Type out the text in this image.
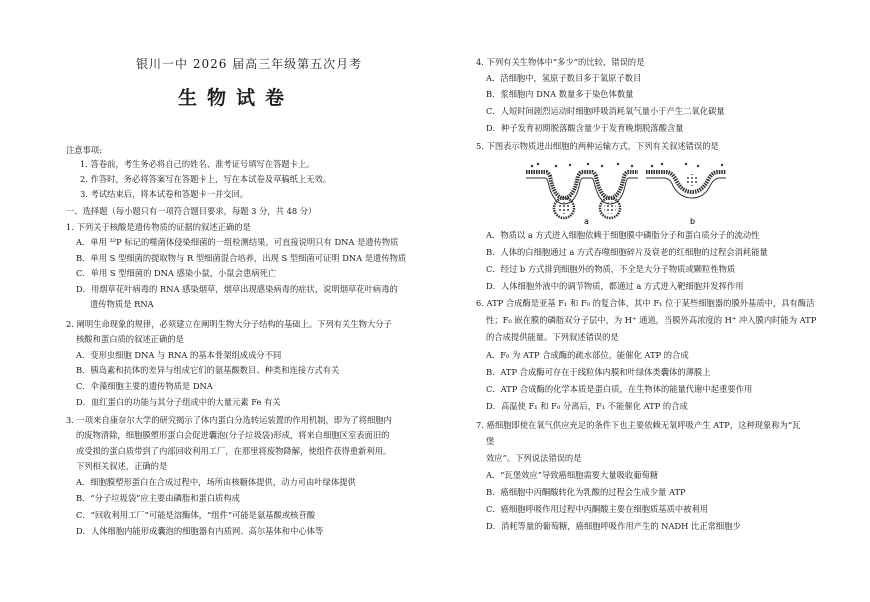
银川一中 2026 届高三年级第五次月考
生物试卷
注意事项:
1. 答卷前，考生务必将自己的姓名、准考证号填写在答题卡上。
2. 作答时，务必将答案写在答题卡上，写在本试卷及草稿纸上无效。
3. 考试结束后，将本试卷和答题卡一并交回。
一、选择题（每小题只有一项符合题目要求，每题 3 分，共 48 分）
1. 下列关于核酸是遗传物质的证据的叙述正确的是
A．单用 ³²P 标记的噬菌体侵染细菌的一组检测结果，可直接说明只有 DNA 是遗传物质
B．单用 S 型细菌的提取物与 R 型细菌混合培养，出现 S 型细菌可证明 DNA 是遗传物质
C．单用 S 型细菌的 DNA 感染小鼠，小鼠会患病死亡
D．用烟草花叶病毒的 RNA 感染烟草，烟草出现感染病毒的症状，说明烟草花叶病毒的
遗传物质是 RNA
2. 阐明生命现象的规律，必须建立在阐明生物大分子结构的基础上。下列有关生物大分子
核酸和蛋白质的叙述正确的是
A．变形虫细胞 DNA 与 RNA 的基本骨架组成成分不同
B．胰岛素和抗体的差异与组成它们的氨基酸数目、种类和连接方式有关
C．伞藻细胞主要的遗传物质是 DNA
D．血红蛋白的功能与其分子组成中的大量元素 Fe 有关
3. 一项来自康奈尔大学的研究揭示了体内蛋白分选转运装置的作用机制，即为了将细胞内
的废物清除，细胞膜塑形蛋白会促进囊泡(分子垃圾袋)形成，将来自细胞区室表面旧的
或受损的蛋白质带到了内部回收利用工厂，在那里将废物降解，使组件获得重新利用。
下列相关叙述，正确的是
A．细胞膜塑形蛋白在合成过程中，场所由核糖体提供，动力可由叶绿体提供
B．“分子垃圾袋”应主要由磷脂和蛋白质构成
C．“回收利用工厂”可能是溶酶体，“组件”可能是氨基酸或核苷酸
D．人体细胞内能形成囊泡的细胞器有内质网、高尔基体和中心体等
4. 下列有关生物体中“多少”的比较，错误的是
A．活细胞中，氢原子数目多于氧原子数目
B．浆细胞内 DNA 数量多于染色体数量
C．人短时间剧烈运动时细胞呼吸消耗氧气量小于产生二氧化碳量
D．种子发育初期脱落酸含量少于发育晚期脱落酸含量
5. 下图表示物质进出细胞的两种运输方式，下列有关叙述错误的是
a	b
A．物质以 a 方式进入细胞依赖于细胞膜中磷脂分子和蛋白质分子的流动性
B．人体的白细胞通过 a 方式吞噬细胞碎片及衰老的红细胞的过程会消耗能量
C．经过 b 方式排到细胞外的物质，不全是大分子物质或颗粒性物质
D．人体细胞外液中的调节物质，都通过 a 方式进入靶细胞并发挥作用
6. ATP 合成酶是亚基 F₁ 和 F₀ 的复合体，其中 F₁ 位于某些细胞器的膜外基质中，具有酶活
性；F₀ 嵌在膜的磷脂双分子层中，为 H⁺ 通道，当膜外高浓度的 H⁺ 冲入膜内时能为 ATP
的合成提供能量。下列叙述错误的是
A．F₀ 为 ATP 合成酶的疏水部位，能催化 ATP 的合成
B．ATP 合成酶可存在于线粒体内膜和叶绿体类囊体的薄膜上
C．ATP 合成酶的化学本质是蛋白质，在生物体的能量代谢中起重要作用
D．高温使 F₁ 和 F₀ 分离后，F₁ 不能催化 ATP 的合成
7. 癌细胞即使在氧气供应充足的条件下也主要依赖无氧呼吸产生 ATP，这种现象称为“瓦
堡
效应”。下列说法错误的是
A．“瓦堡效应”导致癌细胞需要大量吸收葡萄糖
B．癌细胞中丙酮酸转化为乳酸的过程会生成少量 ATP
C．癌细胞呼吸作用过程中丙酮酸主要在细胞质基质中被利用
D．消耗等量的葡萄糖，癌细胞呼吸作用产生的 NADH 比正常细胞少
